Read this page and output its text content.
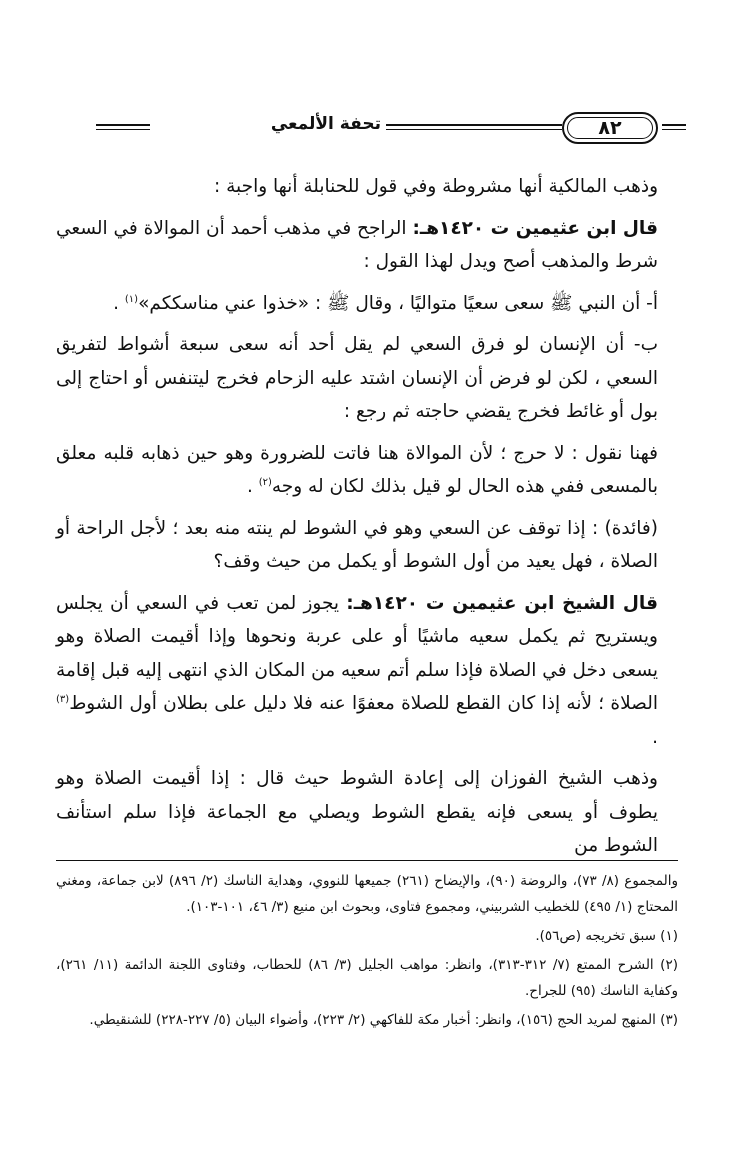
٨٢
تحفة الألمعي

وذهب المالكية أنها مشروطة وفي قول للحنابلة أنها واجبة :

قال ابن عثيمين ت ١٤٢٠هـ: الراجح في مذهب أحمد أن الموالاة في السعي شرط والمذهب أصح ويدل لهذا القول :

أ- أن النبي ﷺ سعى سعيًا متواليًا ، وقال ﷺ : «خذوا عني مناسككم»$^{(١)}$ .

ب- أن الإنسان لو فرق السعي لم يقل أحد أنه سعى سبعة أشواط لتفريق السعي ، لكن لو فرض أن الإنسان اشتد عليه الزحام فخرج ليتنفس أو احتاج إلى بول أو غائط فخرج يقضي حاجته ثم رجع :

فهنا نقول : لا حرج ؛ لأن الموالاة هنا فاتت للضرورة وهو حين ذهابه قلبه معلق بالمسعى ففي هذه الحال لو قيل بذلك لكان له وجه$^{(٢)}$ .

(فائدة) : إذا توقف عن السعي وهو في الشوط لم ينته منه بعد ؛ لأجل الراحة أو الصلاة ، فهل يعيد من أول الشوط أو يكمل من حيث وقف؟

قال الشيخ ابن عثيمين ت ١٤٢٠هـ: يجوز لمن تعب في السعي أن يجلس ويستريح ثم يكمل سعيه ماشيًا أو على عربة ونحوها وإذا أقيمت الصلاة وهو يسعى دخل في الصلاة فإذا سلم أتم سعيه من المكان الذي انتهى إليه قبل إقامة الصلاة ؛ لأنه إذا كان القطع للصلاة معفوًا عنه فلا دليل على بطلان أول الشوط$^{(٣)}$ .

وذهب الشيخ الفوزان إلى إعادة الشوط حيث قال : إذا أقيمت الصلاة وهو يطوف أو يسعى فإنه يقطع الشوط ويصلي مع الجماعة فإذا سلم استأنف الشوط من

والمجموع (٨/ ٧٣)، والروضة (٩٠)، والإيضاح (٢٦١) جميعها للنووي، وهداية الناسك (٢/ ٨٩٦) لابن جماعة، ومغني المحتاج (١/ ٤٩٥) للخطيب الشربيني، ومجموع فتاوى، وبحوث ابن منيع (٣/ ٤٦، ١٠١-١٠٣).

(١) سبق تخريجه (ص٥٦).

(٢) الشرح الممتع (٧/ ٣١٢-٣١٣)، وانظر: مواهب الجليل (٣/ ٨٦) للحطاب، وفتاوى اللجنة الدائمة (١١/ ٢٦١)، وكفاية الناسك (٩٥) للجراح.

(٣) المنهج لمريد الحج (١٥٦)، وانظر: أخبار مكة للفاكهي (٢/ ٢٢٣)، وأضواء البيان (٥/ ٢٢٧-٢٢٨) للشنقيطي.
